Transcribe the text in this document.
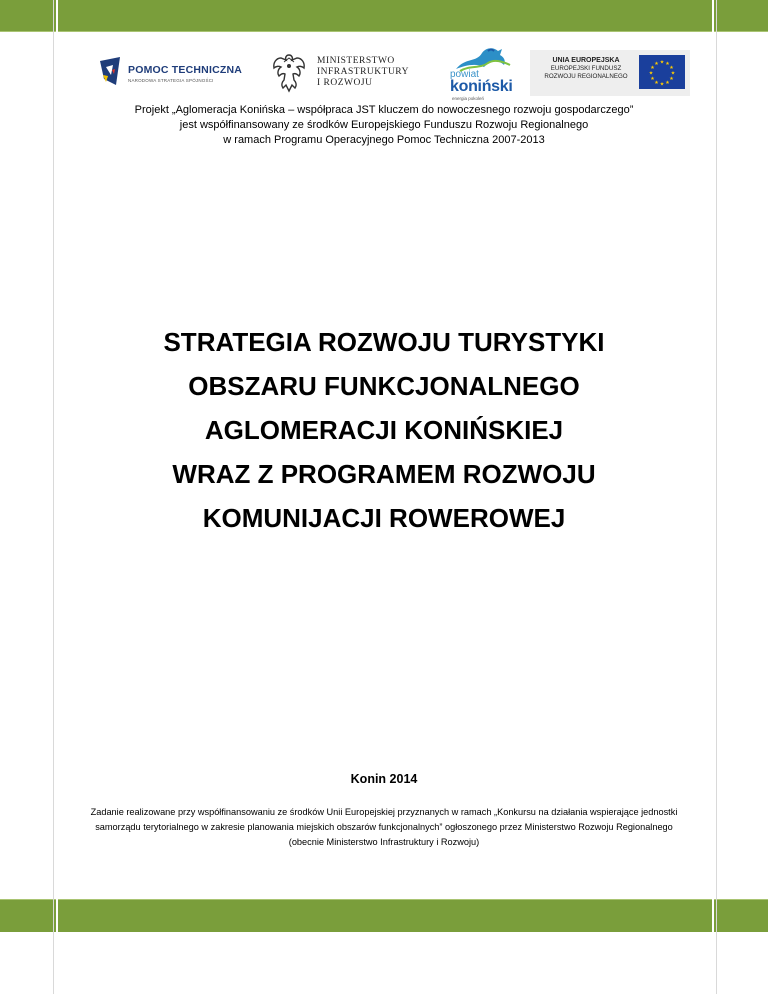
POMOC TECHNICZNA
NARODOWA STRATEGIA SPÓJNOŚCI
MINISTERSTWO
INFRASTRUKTURY
I ROZWOJU
powiat
koniński
energia pokoleń
UNIA EUROPEJSKA
EUROPEJSKI FUNDUSZ
ROZWOJU REGIONALNEGO
★ ★
★
★
★
★
★
★
★
★
★
★

Projekt „Aglomeracja Konińska – współpraca JST kluczem do nowoczesnego rozwoju gospodarczego”

jest współfinansowany ze środków Europejskiego Funduszu Rozwoju Regionalnego

w ramach Programu Operacyjnego Pomoc Techniczna 2007-2013

STRATEGIA ROZWOJU TURYSTYKI
OBSZARU FUNKCJONALNEGO
AGLOMERACJI KONIŃSKIEJ
WRAZ Z PROGRAMEM ROZWOJU
KOMUNIJACJI ROWEROWEJ
Konin 2014
Zadanie realizowane przy współfinansowaniu ze środków Unii Europejskiej przyznanych w ramach „Konkursu na działania wspierające jednostki samorządu terytorialnego w zakresie planowania miejskich obszarów funkcjonalnych” ogłoszonego przez Ministerstwo Rozwoju Regionalnego (obecnie Ministerstwo Infrastruktury i Rozwoju)
